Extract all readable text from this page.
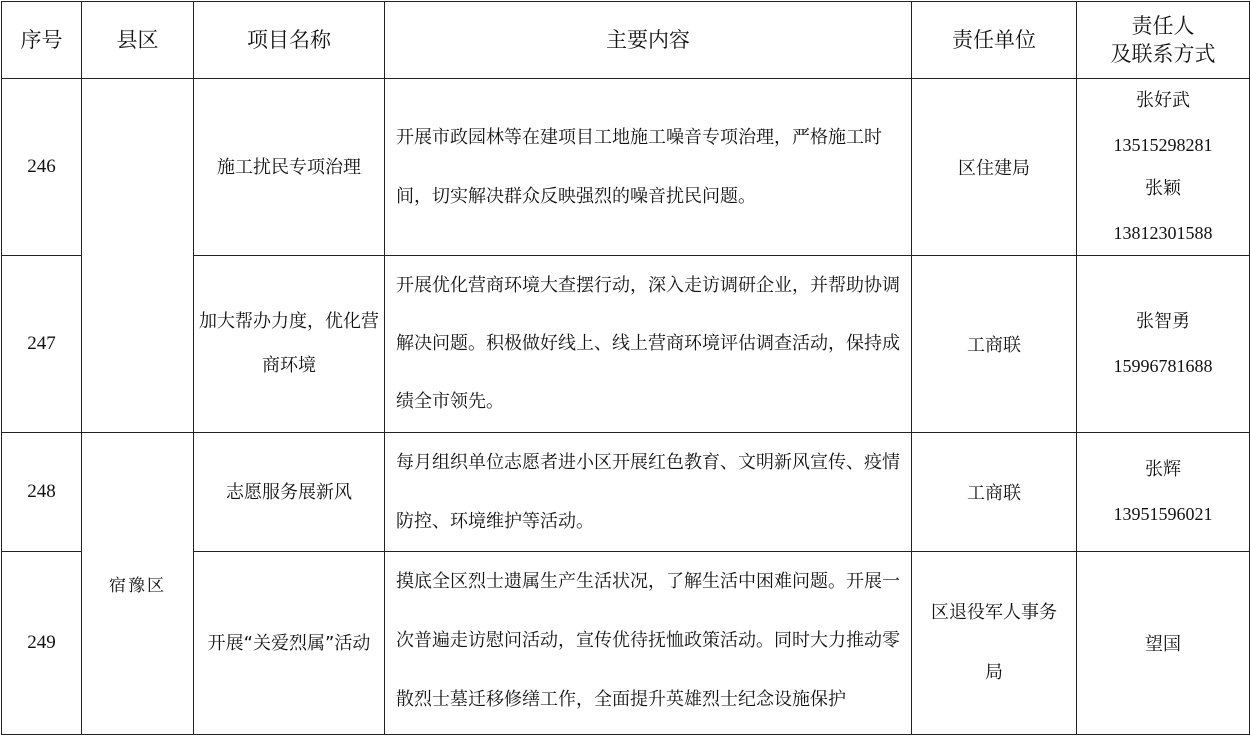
序号	县区	项目名称	主要内容	责任单位	责任人
及联系方式

246		施工扰民专项治理	开展市政园林等在建项目工地施工噪音专项治理，严格施工时间，切实解决群众反映强烈的噪音扰民问题。	区住建局	张好武
13515298281
张颖
13812301588

247		加大帮办力度，优化营商环境	开展优化营商环境大查摆行动，深入走访调研企业，并帮助协调解决问题。积极做好线上、线上营商环境评估调查活动，保持成绩全市领先。	工商联	张智勇
15996781688

248	宿豫区	志愿服务展新风	每月组织单位志愿者进小区开展红色教育、文明新风宣传、疫情防控、环境维护等活动。	工商联	张辉
13951596021

249		开展“关爱烈属”活动	摸底全区烈士遗属生产生活状况，了解生活中困难问题。开展一次普遍走访慰问活动，宣传优待抚恤政策活动。同时大力推动零散烈士墓迁移修缮工作，全面提升英雄烈士纪念设施保护	区退役军人事务局	望国
